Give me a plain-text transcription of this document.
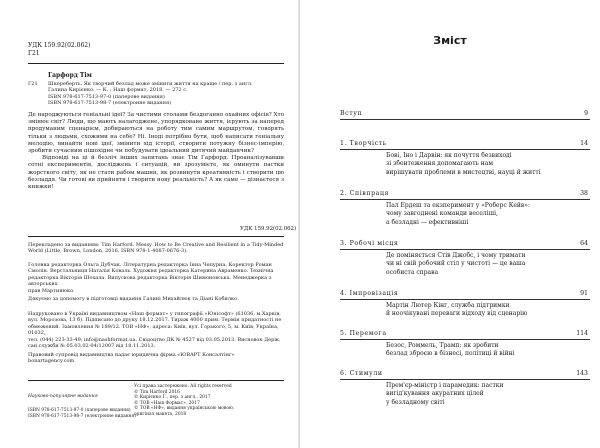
УДК 159.92(02.062)
Г21
Гарфорд Тім
Г21 Шкереберть. Як творчий безлад може змінити життя на краще / пер. з англ.
Галина Кирієнко. — К. : Наш формат, 2018. — 272 с.
ISBN 978-617-7513-97-0 (паперове видання)
ISBN 978-617-7513-98-7 (електронне видання)

Де народжуються геніальні ідеї? За чистими столами бездоганно охайних офісів? Хто змінює світ? Люди, що мають налагоджене, упорядковане життя, ієрують за наперед продуманим сценарієм, добираються на роботу тим самим маршрутом, говорять тільки з людьми, схожими на себе? Ні. Іноді потрібно бути, щоб написати геніальну мелодію, винайти нові ідеї, змінити хід історії, створити потужну бізнес-імперію, зробити сучасним пішохідне чи побудувати ідеальний дитячий майданчик?

Відповіді на ці й безліч інших запитань знає Тім Гарфорд. Проаналізувавши сотні експериментів, досліджень і ситуацій, ви зрозумієте, як оминути пастки жорсткого світу, як не стати рабом машин, як розвинути креативність і створити цю безладдя. Чи готові ви прийняти і творити нову реальність? А як саме — дізнаєтеся з книжки!

УДК 159.92(02.062)
Перекладено за виданням: Tim Harford. Messy. How to Be Creative and Resilient in a Tidy-Minded
World (Little, Brown, London, 2016, ISBN 978-1-4087-0676-3).
Головна редакторка Ольга Дубчак. Літературна редакторка Інна Чепурна. Коректор Роман
Смолін. Верстальниця Наталія Коваль. Художня редакторка Катерина Авраменко. Технічна
редакторка Вікторія Шохала. Випускова редакторка Вікторія Шимоновська. Менеджерка з авторських
прав Мартинюко.
Дякуємо за допомогу в підготовці видання Галині Михайлюк та Діані Кобилко.
Надруковано в Україні видавництвом «Наш формат» у типографії «Юнісофт» (61036, м.Харків,
вул. Морозова, 13 б). Підписано до друку 18.12.2017. Тираж 4000 прим. Термін придатності не
обмежений. Замовлення № 189/12. ТОВ «НФ», адреса: Київ, вул. Горького, 5, м. Київ, Україна, 01032,
тел. (044) 223-33-49; info@nashformat.ua. Свідоцтво ДК № 4527 від 03.05.2013. Висновок Держ.
сан.служби № 05.03.02-04/12007 від 18.11.2013.
Правовий супровід видавництва надає юридична фірма «ЮВАРТ Консалтінг»
bonartagency.com
Науково-популярне видання
ISBN 978-617-7513-97-0 (паперове видання)
ISBN 978-617-7513-98-7 (електронне видання)
Усі права застережено. All rights reserved
© Tim Harford 2016
© Кирієнко Г., пер. з англ., 2017
© ТОВ «Наш Формат», 2017
© ТОВ «НФ», видання українською мовою,
оригінал макета, 2018
Зміст
Вступ	9
1. Творчість	14
Бові, Іно і Дарвін: як почуття безвиході
зі збентеження допомагають нам
вирішувати проблеми в мистецтві, науці й житті
2. Співпраця	38
Пал Ердеш та екзперимент у «Роберс Кейв»:
чому завгоднені команди веселіші,
а безладні — ефективніші
3. Робочі місця	64
Де поміняється Стів Джобс, і чому тримати
чи ні свій робочий стіл у чистоті — це вашa
особиста справа
4. Імпровізація	91
Мартін Лютер Кінг, служба підтримки
й неочікувані переваги відходу від сценарію
5. Перемога	114
Безос, Роммель, Трамп: як зробити
безлад зброєю в бізнесі, політиці й війні
6. Стимули	143
Прем'єр-міністр і парамедик: пастки
вигід'кування акуратних цілей
у безладному світі
